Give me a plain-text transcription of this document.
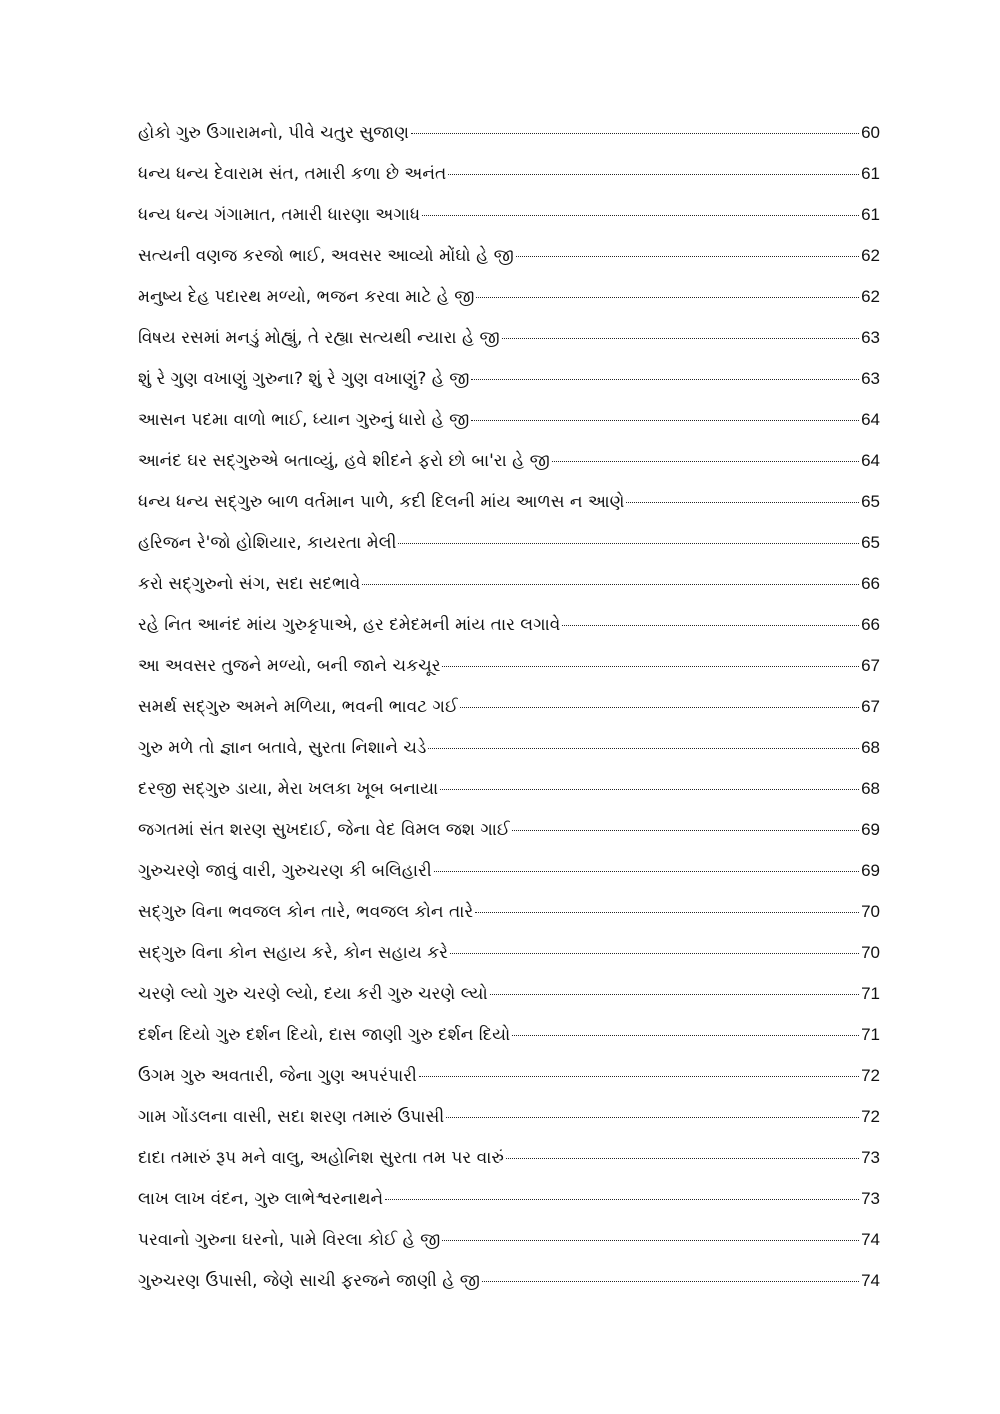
હોકો ગુરુ ઉગારામનો, પીવે ચતુર સુજાણ	60
ધન્ય ધન્ય દેવારામ સંત, તમારી કળા છે અનંત	61
ધન્ય ધન્ય ગંગામાત, તમારી ધારણા અગાધ	61
સત્યની વણજ કરજો ભાઈ, અવસર આવ્યો મોંઘો હે જી	62
મનુષ્ય દેહ પદારથ મળ્યો, ભજન કરવા માટે હે જી	62
વિષય રસમાં મનડું મોહ્યું, તે રહ્યા સત્યથી ન્યારા હે જી	63
શું રે ગુણ વખાણું ગુરુના? શું રે ગુણ વખાણું? હે જી	63
આસન પદમા વાળો ભાઈ, ધ્યાન ગુરુનું ધારો હે જી	64
આનંદ ઘર સદ્ગુરુએ બતાવ્યું, હવે શીદને ફરો છો બા'રા હે જી	64
ધન્ય ધન્ય સદ્ગુરુ બાળ વર્તમાન પાળે, કદી દિલની માંય આળસ ન આણે	65
હરિજન રે'જો હોશિયાર, કાયરતા મેલી	65
કરો સદ્ગુરુનો સંગ, સદા સદભાવે	66
રહે નિત આનંદ માંય ગુરુકૃપાએ, હર દમેદમની માંય તાર લગાવે	66
આ અવસર તુજને મળ્યો, બની જાને ચકચૂર	67
સમર્થ સદ્ગુરુ અમને મળિયા, ભવની ભાવટ ગઈ	67
ગુરુ મળે તો જ્ઞાન બતાવે, સુરતા નિશાને ચડે	68
દરજી સદ્ગુરુ ડાયા, મેરા ખલકા ખૂબ બનાયા	68
જગતમાં સંત શરણ સુખદાઈ, જેના વેદ વિમલ જશ ગાઈ	69
ગુરુચરણે જાવું વારી, ગુરુચરણ કી બલિહારી	69
સદ્ગુરુ વિના ભવજલ કોન તારે, ભવજલ કોન તારે	70
સદ્ગુરુ વિના કોન સહાય કરે, કોન સહાય કરે	70
ચરણે લ્યો ગુરુ ચરણે લ્યો, દયા કરી ગુરુ ચરણે લ્યો	71
દર્શન દિયો ગુરુ દર્શન દિયો, દાસ જાણી ગુરુ દર્શન દિયો	71
ઉગમ ગુરુ અવતારી, જેના ગુણ અપરંપારી	72
ગામ ગોંડલના વાસી, સદા શરણ તમારું ઉપાસી	72
દાદા તમારું રૂપ મને વાલુ, અહોનિશ સુરતા તમ પર વારું	73
લાખ લાખ વંદન, ગુરુ લાભેશ્વરનાથને	73
પરવાનો ગુરુના ઘરનો, પામે વિરલા કોઈ હે જી	74
ગુરુચરણ ઉપાસી, જેણે સાચી ફરજને જાણી હે જી	74
